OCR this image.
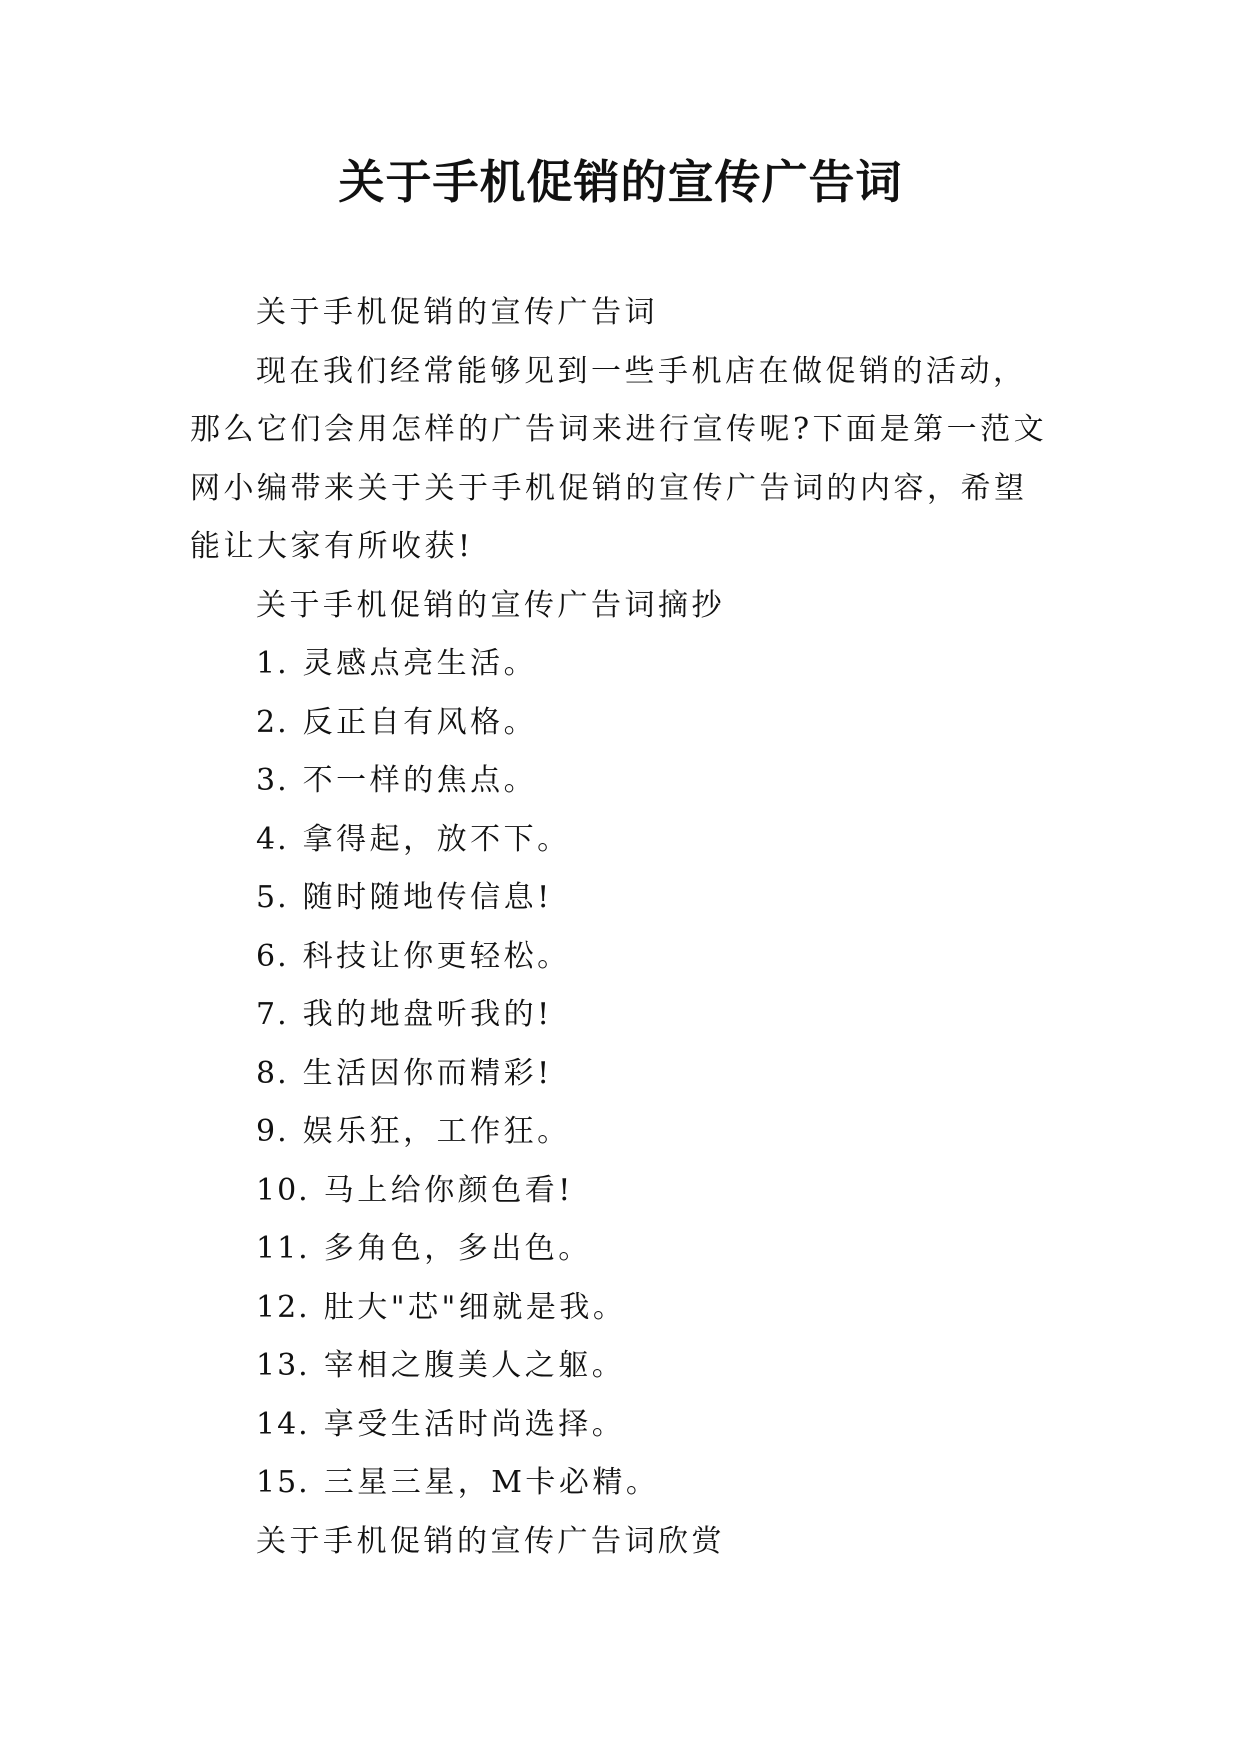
关于手机促销的宣传广告词

关于手机促销的宣传广告词

现在我们经常能够见到一些手机店在做促销的活动，那么它们会用怎样的广告词来进行宣传呢?下面是第一范文网小编带来关于关于手机促销的宣传广告词的内容，希望能让大家有所收获!

关于手机促销的宣传广告词摘抄

1. 灵感点亮生活。

2. 反正自有风格。

3. 不一样的焦点。

4. 拿得起，放不下。

5. 随时随地传信息!

6. 科技让你更轻松。

7. 我的地盘听我的!

8. 生活因你而精彩!

9. 娱乐狂，工作狂。

10. 马上给你颜色看!

11. 多角色，多出色。

12. 肚大"芯"细就是我。

13. 宰相之腹美人之躯。

14. 享受生活时尚选择。

15. 三星三星，M卡必精。

关于手机促销的宣传广告词欣赏
